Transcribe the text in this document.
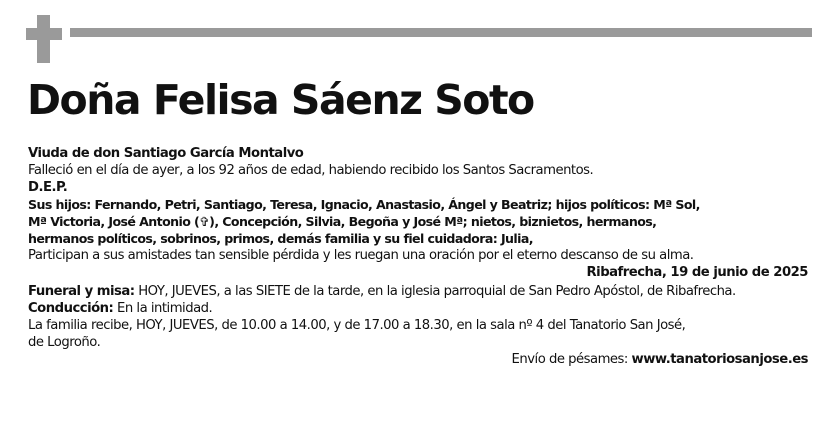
Doña Felisa Sáenz Soto

Viuda de don Santiago García Montalvo

Falleció en el día de ayer, a los 92 años de edad, habiendo recibido los Santos Sacramentos.

D.E.P.

Sus hijos: Fernando, Petri, Santiago, Teresa, Ignacio, Anastasio, Ángel y Beatriz; hijos políticos: Mª Sol,

Mª Victoria, José Antonio (✞), Concepción, Silvia, Begoña y José Mª; nietos, biznietos, hermanos,

hermanos políticos, sobrinos, primos, demás familia y su fiel cuidadora: Julia,

Participan a sus amistades tan sensible pérdida y les ruegan una oración por el eterno descanso de su alma.

Ribafrecha, 19 de junio de 2025

Funeral y misa: HOY, JUEVES, a las SIETE de la tarde, en la iglesia parroquial de San Pedro Apóstol, de Ribafrecha.

Conducción: En la intimidad.

La familia recibe, HOY, JUEVES, de 10.00 a 14.00, y de 17.00 a 18.30, en la sala nº 4 del Tanatorio San José,

de Logroño.

Envío de pésames: www.tanatoriosanjose.es
